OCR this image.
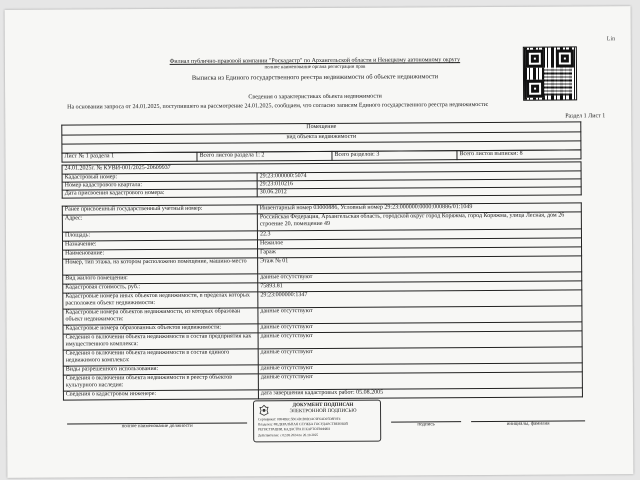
Филиал публично-правовой компании "Роскадастр" по Архангельской области и Ненецкому автономному округу
полное наименование органа регистрации прав
Выписка из Единого государственного реестра недвижимости об объекте недвижимости
Lin
Сведения о характеристиках объекта недвижимости
На основании запроса от 24.01.2025, поступившего на рассмотрение 24.01.2025, сообщаем, что согласно записям Единого государственного реестра недвижимости:
Раздел 1 Лист 1
Помещение
вид объекта недвижимости

Лист № 1 раздела 1	Всего листов раздела 1: 2	Всего разделов: 3	Всего листов выписки: 8
24.01.2025г. № КУВИ-001/2025-20609937	
Кадастровый номер:	29:23:000000:5074
Номер кадастрового квартала:	29:23:010216
Дата присвоения кадастрового номера:	30.06.2012
Ранее присвоенный государственный учетный номер:	Инвентарный номер 03000886, Условный номер 29:23:000000:0000:000886/01:1049
Адрес:	Российская Федерация, Архангельская область, городской округ город Коряжма, город Коряжма, улица Лесная, дом 26 строение 20, помещение 49
Площадь:	22.3
Назначение:	Нежилое
Наименование:	Гараж
Номер, тип этажа, на котором расположено помещение, машино-место	Этаж № 01
Вид жилого помещения:	данные отсутствуют
Кадастровая стоимость, руб.:	75893.81
Кадастровые номера иных объектов недвижимости, в пределах которых расположен объект недвижимости:	29:23:000000:1347
Кадастровые номера объектов недвижимости, из которых образован объект недвижимости:	данные отсутствуют
Кадастровые номера образованных объектов недвижимости:	данные отсутствуют
Сведения о включении объекта недвижимости в состав предприятия как имущественного комплекса:	данные отсутствуют
Сведения о включении объекта недвижимости в состав единого недвижимого комплекса:	данные отсутствуют
Виды разрешенного использования:	данные отсутствуют
Сведения о включении объекта недвижимости в реестр объектов культурного наследия:	данные отсутствуют
Сведения о кадастровом инженере:	дата завершения кадастровых работ: 05.08.2005
ДОКУМЕНТ ПОДПИСАН
ЭЛЕКТРОННОЙ ПОДПИСЬЮ
Сертификат: 00F4BEC5BC4D1B8D3AC9F6AD07D8F0F4
Владелец: ФЕДЕРАЛЬНАЯ СЛУЖБА ГОСУДАРСТВЕННОЙ
РЕГИСТРАЦИИ, КАДАСТРА И КАРТОГРАФИИ
Действителен: с 02.08.2024 по 26.10.2025
полное наименование должности	подпись	инициалы, фамилия
